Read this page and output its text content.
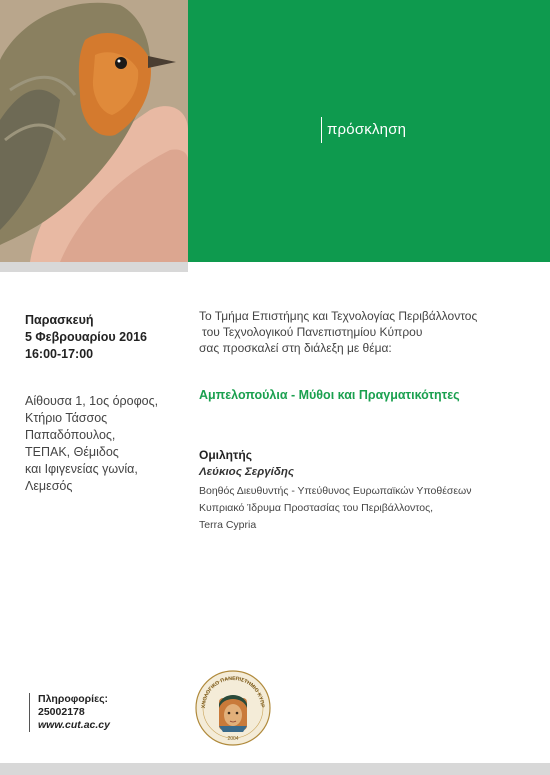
πρόσκληση
Παρασκευή
5 Φεβρουαρίου 2016
16:00-17:00
Αίθουσα 1, 1ος όροφος,
Κτήριο Τάσσος
Παπαδόπουλος,
ΤΕΠΑΚ, Θέμιδος
και Ιφιγενείας γωνία,
Λεμεσός
Το Τμήμα Επιστήμης και Τεχνολογίας Περιβάλλοντος
του Τεχνολογικού Πανεπιστημίου Κύπρου
σας προσκαλεί στη διάλεξη με θέμα:
Αμπελοπούλια - Μύθοι και Πραγματικότητες
Ομιλητής
Λεύκιος Σεργίδης
Βοηθός Διευθυντής - Υπεύθυνος Ευρωπαϊκών Υποθέσεων
Κυπριακό Ίδρυμα Προστασίας του Περιβάλλοντος,
Terra Cypria
Πληροφορίες:
25002178
www.cut.ac.cy
ΧΝΟΛΟΓΙΚΟ ΠΑΝΕΠΙΣΤΗΜΙΟ ΚΥΠΡ
2004
